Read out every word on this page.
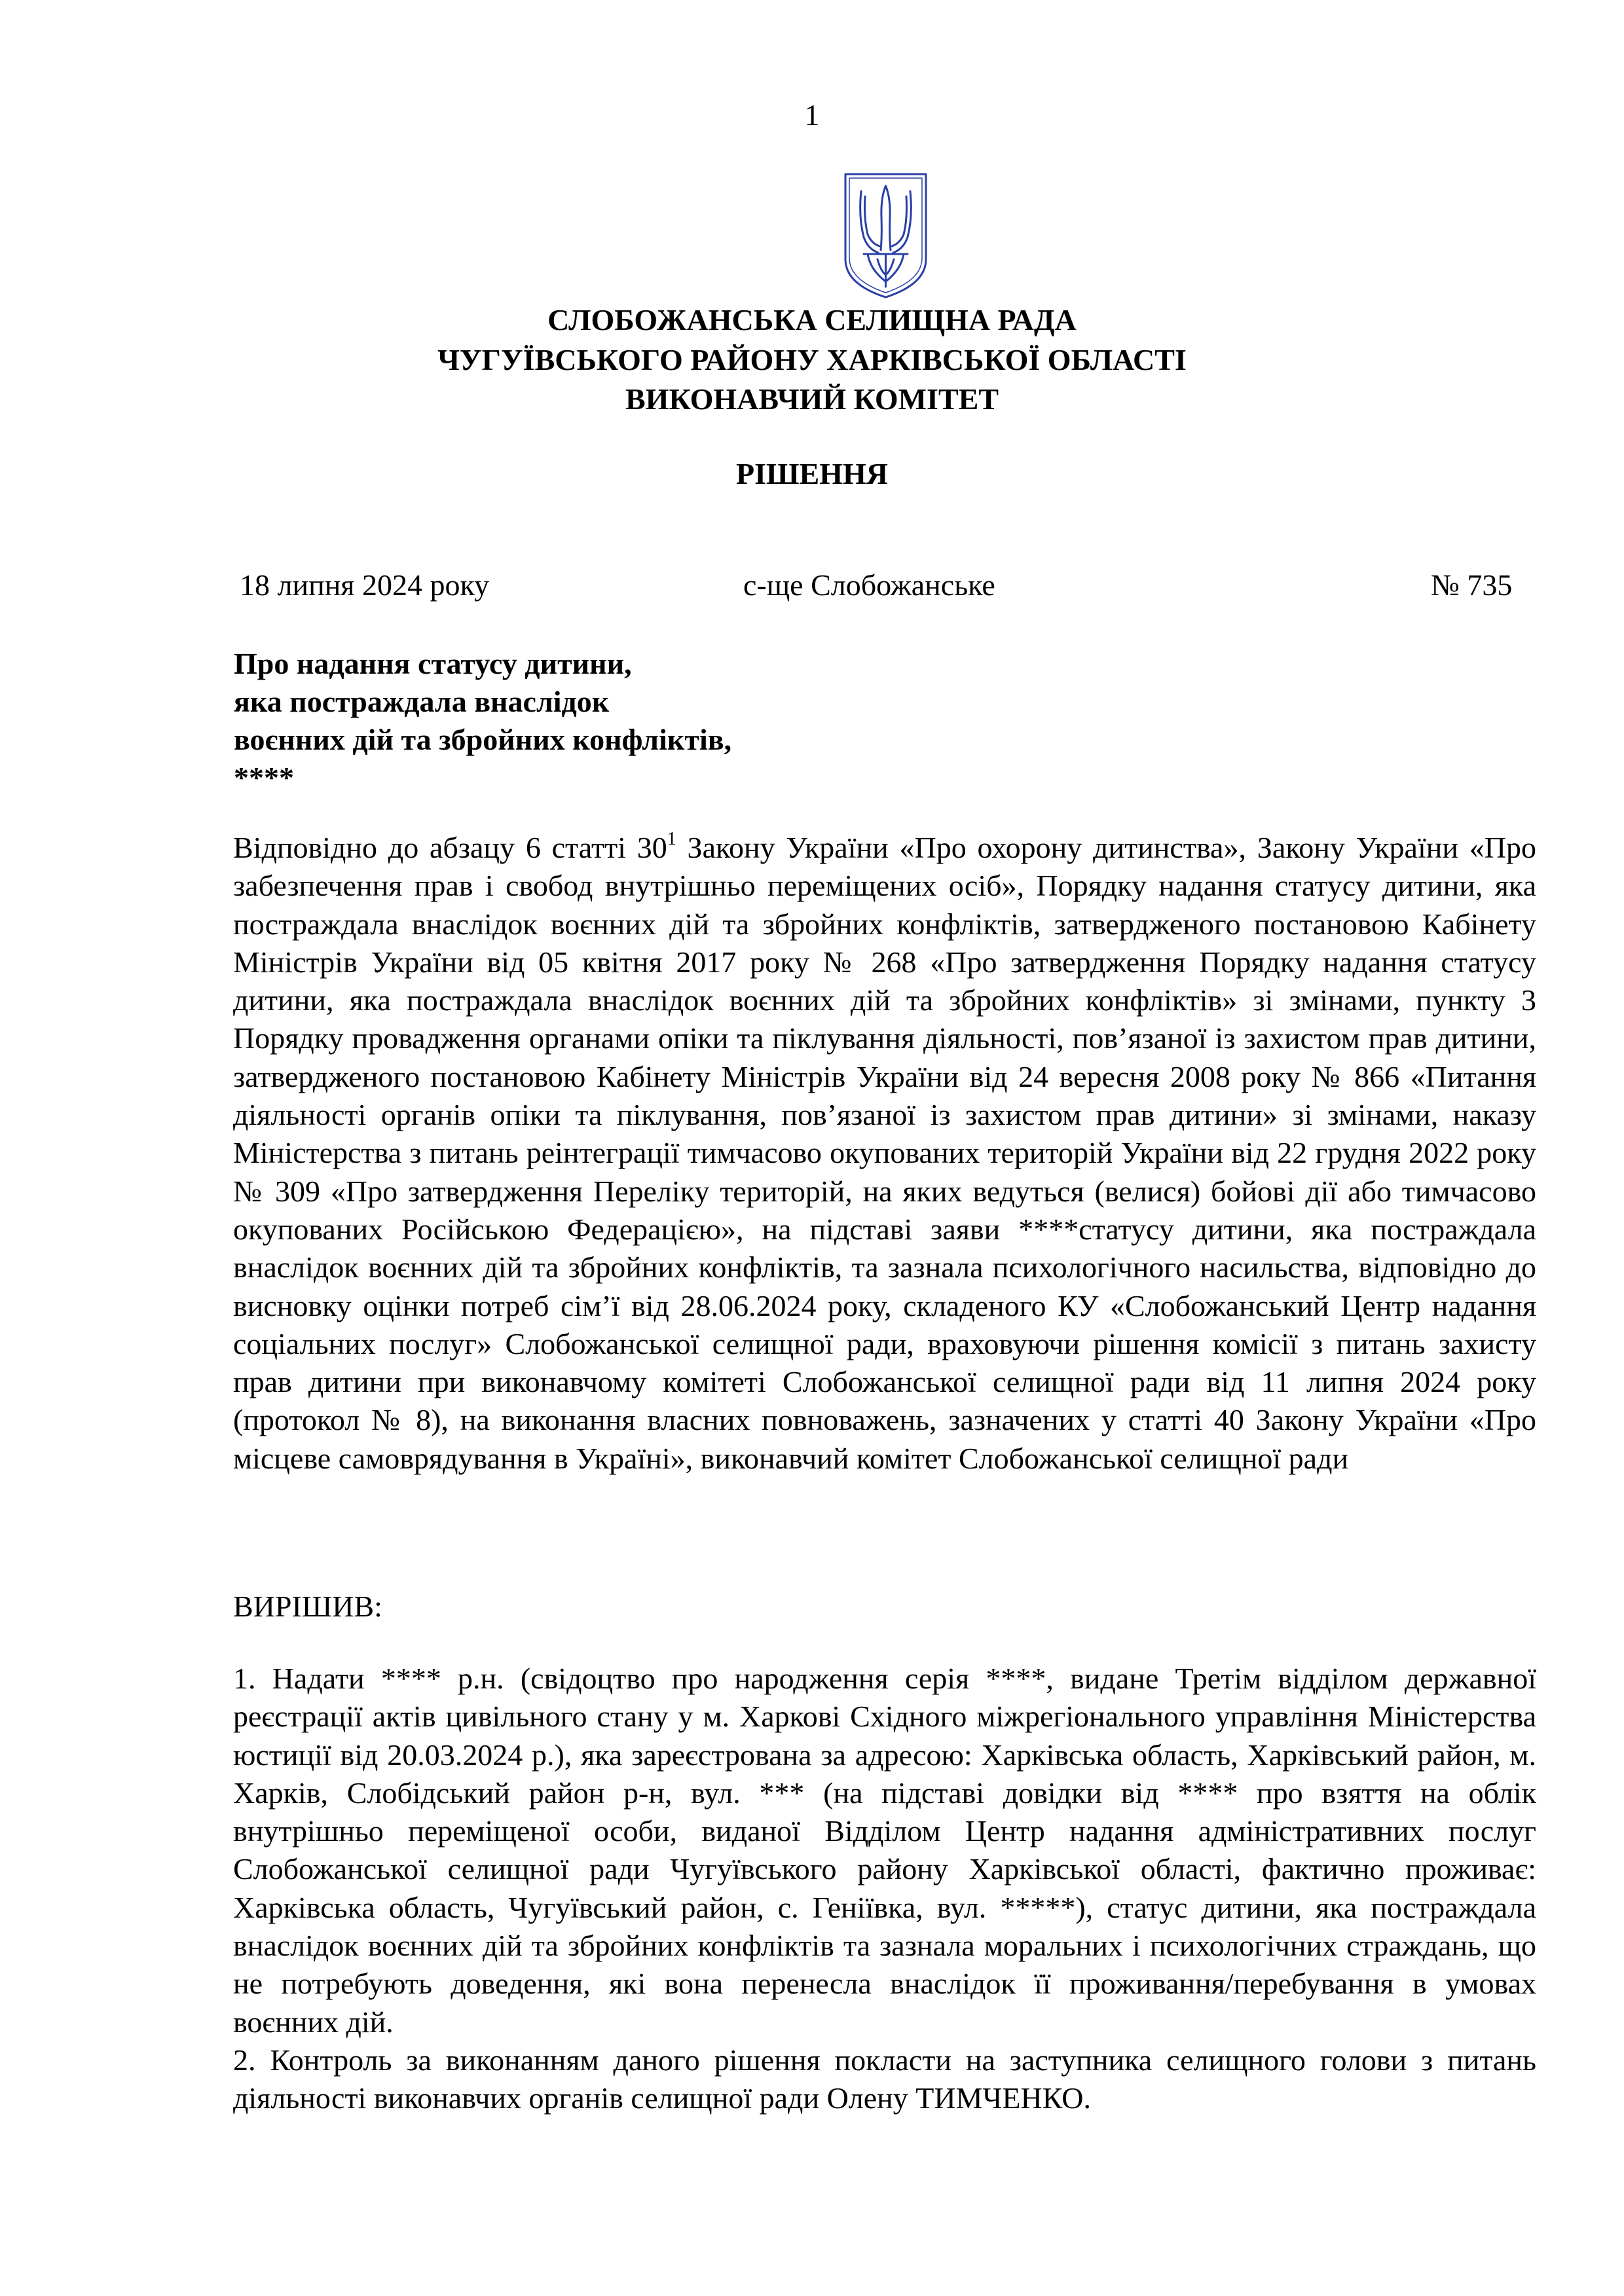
1
СЛОБОЖАНСЬКА СЕЛИЩНА РАДА
ЧУГУЇВСЬКОГО РАЙОНУ ХАРКІВСЬКОЇ ОБЛАСТІ
ВИКОНАВЧИЙ КОМІТЕТ
РІШЕННЯ
18 липня 2024 року	с-ще Слобожанське	№ 735
Про надання статусу дитини,
яка постраждала внаслідок
воєнних дій та збройних конфліктів,
****
Відповідно до абзацу 6 статті $30^1$ Закону України «Про охорону дитинства», Закону України «Про забезпечення прав і свобод внутрішньо переміщених осіб», Порядку надання статусу дитини, яка постраждала внаслідок воєнних дій та збройних конфліктів, затвердженого постановою Кабінету Міністрів України від 05 квітня 2017 року № 268 «Про затвердження Порядку надання статусу дитини, яка постраждала внаслідок воєнних дій та збройних конфліктів» зі змінами, пункту 3 Порядку провадження органами опіки та піклування діяльності, пов’язаної із захистом прав дитини, затвердженого постановою Кабінету Міністрів України від 24 вересня 2008 року № 866 «Питання діяльності органів опіки та піклування, пов’язаної із захистом прав дитини» зі змінами, наказу Міністерства з питань реінтеграції тимчасово окупованих територій України від 22 грудня 2022 року № 309 «Про затвердження Переліку територій, на яких ведуться (велися) бойові дії або тимчасово окупованих Російською Федерацією», на підставі заяви ****статусу дитини, яка постраждала внаслідок воєнних дій та збройних конфліктів, та зазнала психологічного насильства, відповідно до висновку оцінки потреб сім’ї від 28.06.2024 року, складеного КУ «Слобожанський Центр надання соціальних послуг» Слобожанської селищної ради, враховуючи рішення комісії з питань захисту прав дитини при виконавчому комітеті Слобожанської селищної ради від 11 липня 2024 року (протокол № 8), на виконання власних повноважень, зазначених у статті 40 Закону України «Про місцеве самоврядування в Україні», виконавчий комітет Слобожанської селищної ради
ВИРІШИВ:
1. Надати **** р.н. (свідоцтво про народження серія ****, видане Третім відділом державної реєстрації актів цивільного стану у м. Харкові Східного міжрегіонального управління Міністерства юстиції від 20.03.2024 р.), яка зареєстрована за адресою: Харківська область, Харківський район, м. Харків, Слобідський район р-н, вул. *** (на підставі довідки від **** про взяття на облік внутрішньо переміщеної особи, виданої Відділом Центр надання адміністративних послуг Слобожанської селищної ради Чугуївського району Харківської області, фактично проживає: Харківська область, Чугуївський район, с. Геніївка, вул. *****), статус дитини, яка постраждала внаслідок воєнних дій та збройних конфліктів та зазнала моральних і психологічних страждань, що не потребують доведення, які вона перенесла внаслідок її проживання/перебування в умовах воєнних дій.
2. Контроль за виконанням даного рішення покласти на заступника селищного голови з питань діяльності виконавчих органів селищної ради Олену ТИМЧЕНКО.
